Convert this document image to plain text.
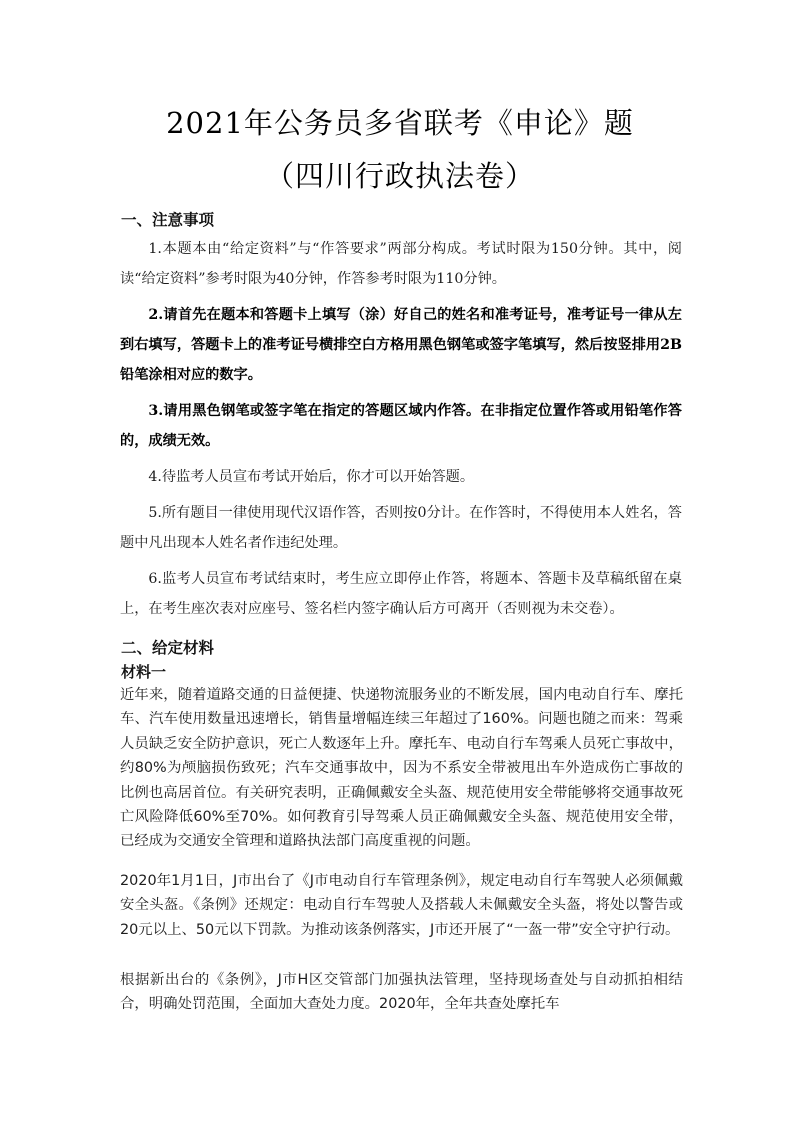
2021年公务员多省联考《申论》题
（四川行政执法卷）
一、注意事项

1.本题本由“给定资料”与“作答要求”两部分构成。考试时限为150分钟。其中，阅读“给定资料”参考时限为40分钟，作答参考时限为110分钟。

2.请首先在题本和答题卡上填写（涂）好自己的姓名和准考证号，准考证号一律从左到右填写，答题卡上的准考证号横排空白方格用黑色钢笔或签字笔填写，然后按竖排用2B铅笔涂相对应的数字。

3.请用黑色钢笔或签字笔在指定的答题区域内作答。在非指定位置作答或用铅笔作答的，成绩无效。

4.待监考人员宣布考试开始后，你才可以开始答题。

5.所有题目一律使用现代汉语作答，否则按0分计。在作答时，不得使用本人姓名，答题中凡出现本人姓名者作违纪处理。

6.监考人员宣布考试结束时，考生应立即停止作答，将题本、答题卡及草稿纸留在桌上，在考生座次表对应座号、签名栏内签字确认后方可离开（否则视为未交卷）。

二、给定材料
材料一

近年来，随着道路交通的日益便捷、快递物流服务业的不断发展，国内电动自行车、摩托车、汽车使用数量迅速增长，销售量增幅连续三年超过了160%。问题也随之而来：驾乘人员缺乏安全防护意识，死亡人数逐年上升。摩托车、电动自行车驾乘人员死亡事故中，约80%为颅脑损伤致死；汽车交通事故中，因为不系安全带被甩出车外造成伤亡事故的比例也高居首位。有关研究表明，正确佩戴安全头盔、规范使用安全带能够将交通事故死亡风险降低60%至70%。如何教育引导驾乘人员正确佩戴安全头盔、规范使用安全带，已经成为交通安全管理和道路执法部门高度重视的问题。

2020年1月1日，J市出台了《J市电动自行车管理条例》，规定电动自行车驾驶人必须佩戴安全头盔。《条例》还规定：电动自行车驾驶人及搭载人未佩戴安全头盔，将处以警告或20元以上、50元以下罚款。为推动该条例落实，J市还开展了“一盔一带”安全守护行动。

根据新出台的《条例》，J市H区交管部门加强执法管理，坚持现场查处与自动抓拍相结合，明确处罚范围，全面加大查处力度。2020年，全年共查处摩托车
